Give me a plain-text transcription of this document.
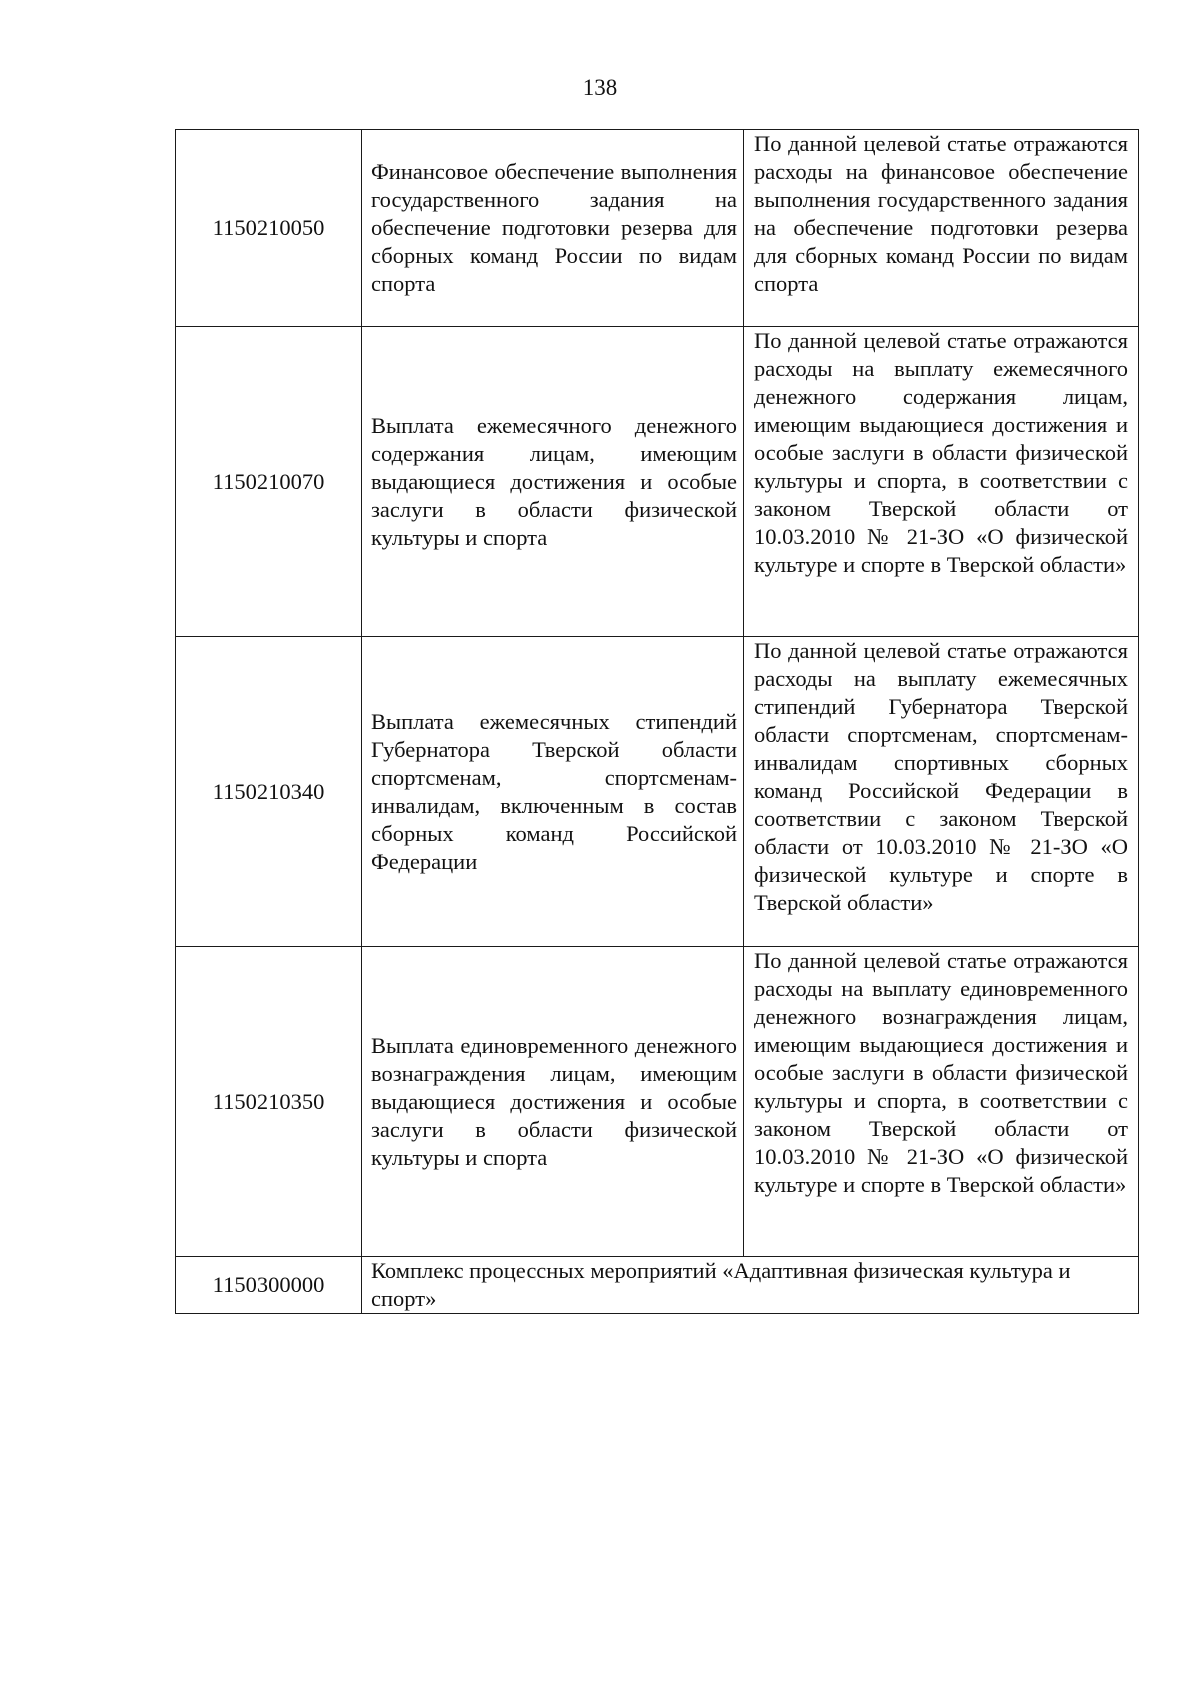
138
1150210050	Финансовое обеспечение выполнения государственного задания на обеспечение подготовки резерва для сборных команд России по видам спорта	По данной целевой статье отражаются расходы на финансовое обеспечение выполнения государственного задания на обеспечение подготовки резерва для сборных команд России по видам спорта
1150210070	Выплата ежемесячного денежного содержания лицам, имеющим выдающиеся достижения и особые заслуги в области физической культуры и спорта	По данной целевой статье отражаются расходы на выплату ежемесячного денежного содержания лицам, имеющим выдающиеся достижения и особые заслуги в области физической культуры и спорта, в соответствии с законом Тверской области от 10.03.2010 № 21-ЗО «О физической культуре и спорте в Тверской области»
1150210340	Выплата ежемесячных стипендий Губернатора Тверской области спортсменам, спортсменам-инвалидам, включенным в состав сборных команд Российской Федерации	По данной целевой статье отражаются расходы на выплату ежемесячных стипендий Губернатора Тверской области спортсменам, спортсменам-инвалидам спортивных сборных команд Российской Федерации в соответствии с законом Тверской области от 10.03.2010 № 21-ЗО «О физической культуре и спорте в Тверской области»
1150210350	Выплата единовременного денежного вознаграждения лицам, имеющим выдающиеся достижения и особые заслуги в области физической культуры и спорта	По данной целевой статье отражаются расходы на выплату единовременного денежного вознаграждения лицам, имеющим выдающиеся достижения и особые заслуги в области физической культуры и спорта, в соответствии с законом Тверской области от 10.03.2010 № 21-ЗО «О физической культуре и спорте в Тверской области»
1150300000	Комплекс процессных мероприятий «Адаптивная физическая культура и спорт»	
